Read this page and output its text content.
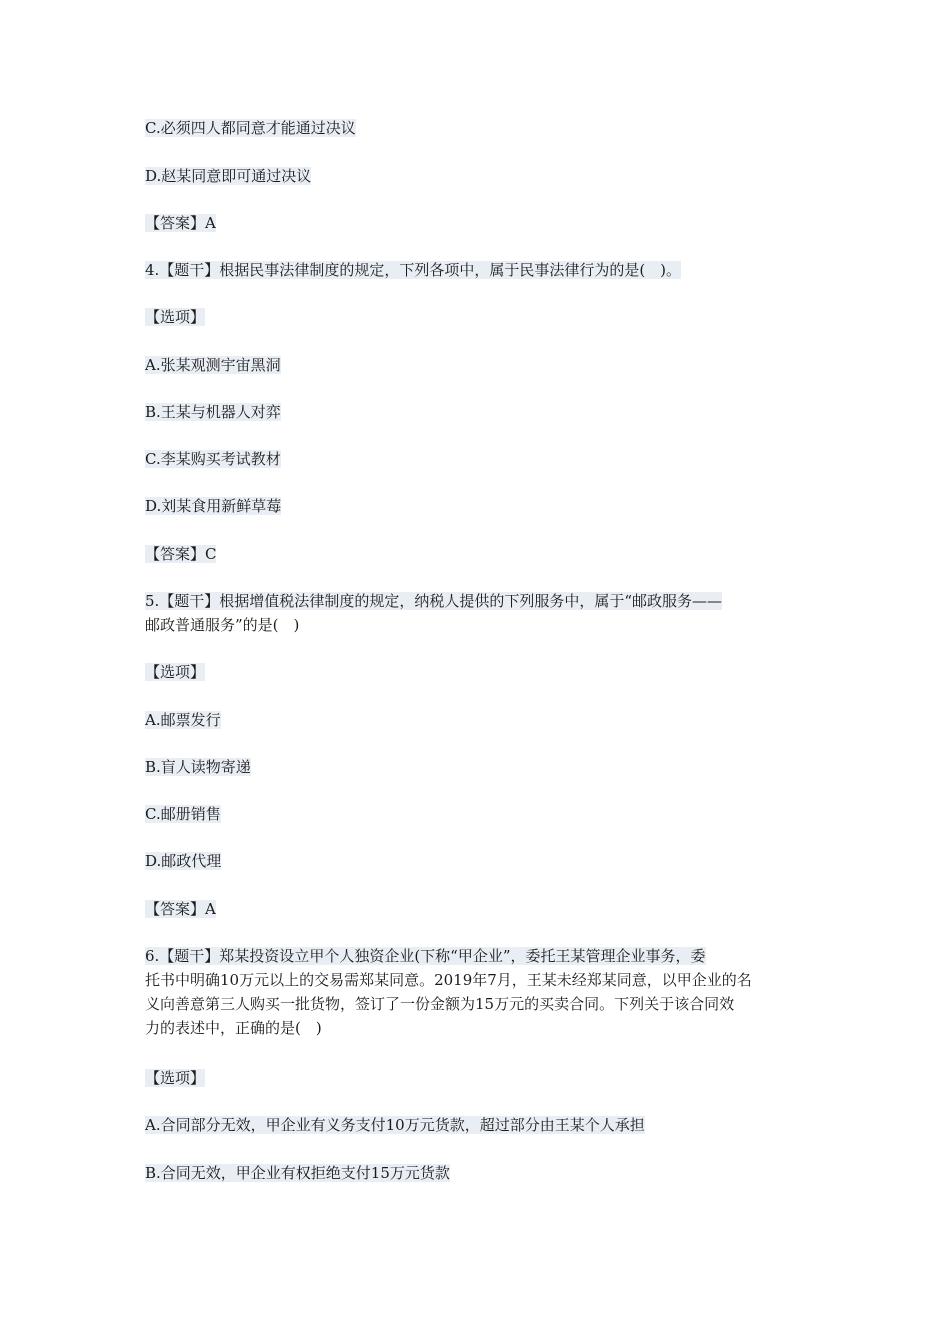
C.必须四人都同意才能通过决议
D.赵某同意即可通过决议
【答案】A
4.【题干】根据民事法律制度的规定，下列各项中，属于民事法律行为的是(　)。
【选项】
A.张某观测宇宙黑洞
B.王某与机器人对弈
C.李某购买考试教材
D.刘某食用新鲜草莓
【答案】C
5.【题干】根据增值税法律制度的规定，纳税人提供的下列服务中，属于“邮政服务——
邮政普通服务”的是(　)
【选项】
A.邮票发行
B.盲人读物寄递
C.邮册销售
D.邮政代理
【答案】A
6.【题干】郑某投资设立甲个人独资企业(下称“甲企业”，委托王某管理企业事务，委
托书中明确10万元以上的交易需郑某同意。2019年7月，王某未经郑某同意，以甲企业的名
义向善意第三人购买一批货物，签订了一份金额为15万元的买卖合同。下列关于该合同效
力的表述中，正确的是(　)
【选项】
A.合同部分无效，甲企业有义务支付10万元货款，超过部分由王某个人承担
B.合同无效，甲企业有权拒绝支付15万元货款
